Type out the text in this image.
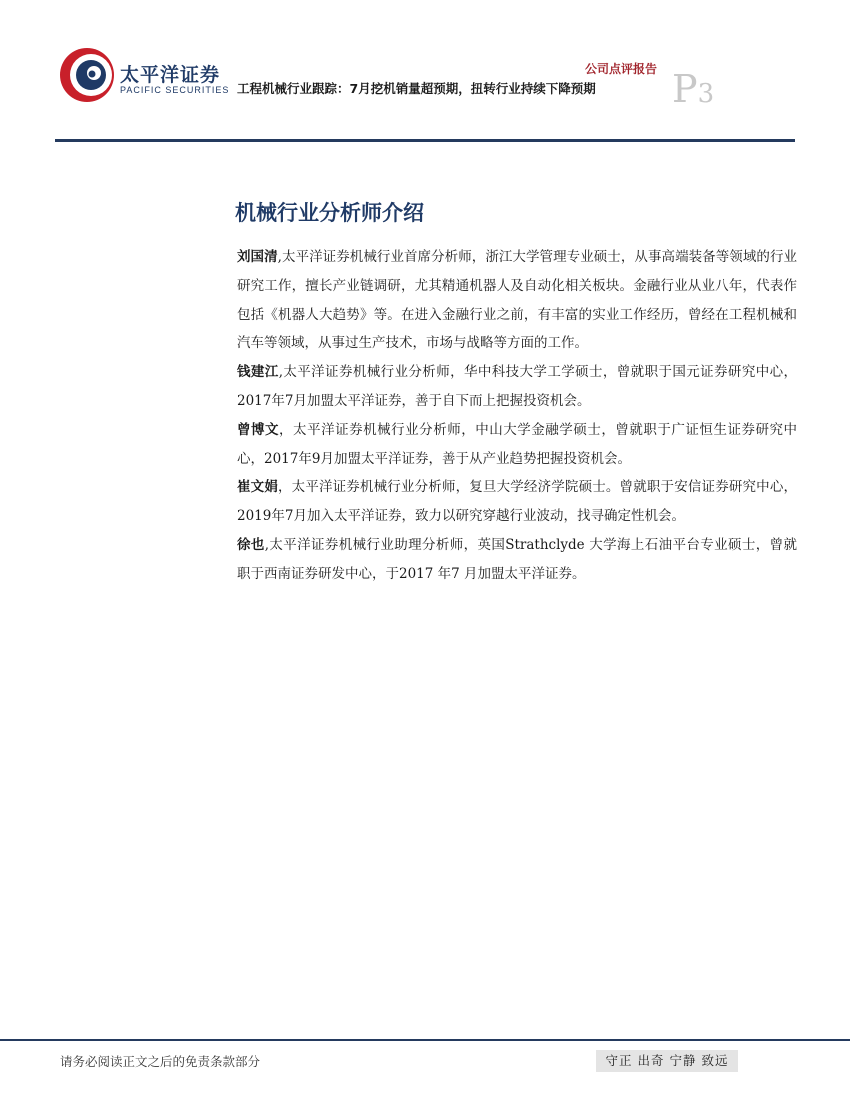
太平洋证券
PACIFIC SECURITIES
公司点评报告
工程机械行业跟踪：7月挖机销量超预期，扭转行业持续下降预期 P3
机械行业分析师介绍

刘国清,太平洋证券机械行业首席分析师，浙江大学管理专业硕士，从事高端装备等领域的行业研究工作，擅长产业链调研，尤其精通机器人及自动化相关板块。金融行业从业八年，代表作包括《机器人大趋势》等。在进入金融行业之前，有丰富的实业工作经历，曾经在工程机械和汽车等领域，从事过生产技术，市场与战略等方面的工作。

钱建江,太平洋证券机械行业分析师，华中科技大学工学硕士，曾就职于国元证券研究中心，2017年7月加盟太平洋证券，善于自下而上把握投资机会。

曾博文，太平洋证券机械行业分析师，中山大学金融学硕士，曾就职于广证恒生证券研究中心，2017年9月加盟太平洋证券，善于从产业趋势把握投资机会。

崔文娟，太平洋证券机械行业分析师，复旦大学经济学院硕士。曾就职于安信证券研究中心，2019年7月加入太平洋证券，致力以研究穿越行业波动，找寻确定性机会。

徐也,太平洋证券机械行业助理分析师，英国Strathclyde 大学海上石油平台专业硕士，曾就职于西南证券研发中心，于2017 年7 月加盟太平洋证券。

请务必阅读正文之后的免责条款部分	守正 出奇 宁静 致远
